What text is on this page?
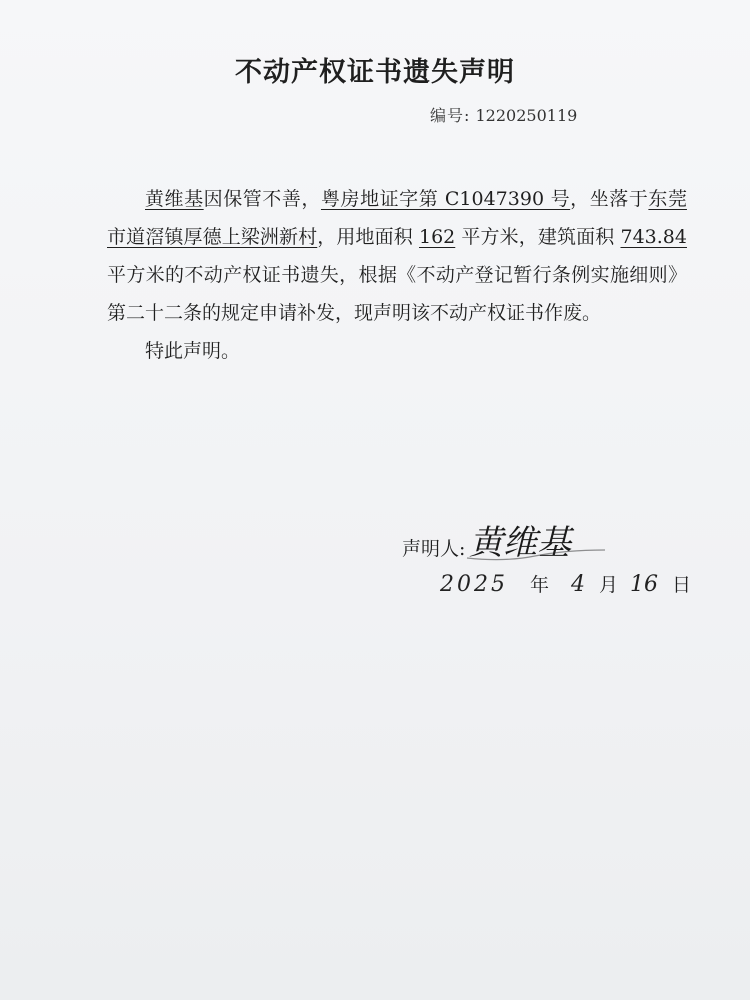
不动产权证书遗失声明
编号: 1220250119

黄维基因保管不善，粤房地证字第 C1047390 号，坐落于东莞市道滘镇厚德上梁洲新村，用地面积 162 平方米，建筑面积 743.84 平方米的不动产权证书遗失，根据《不动产登记暂行条例实施细则》第二十二条的规定申请补发，现声明该不动产权证书作废。

特此声明。

声明人: 黄维基
2025 年 4 月 16 日
